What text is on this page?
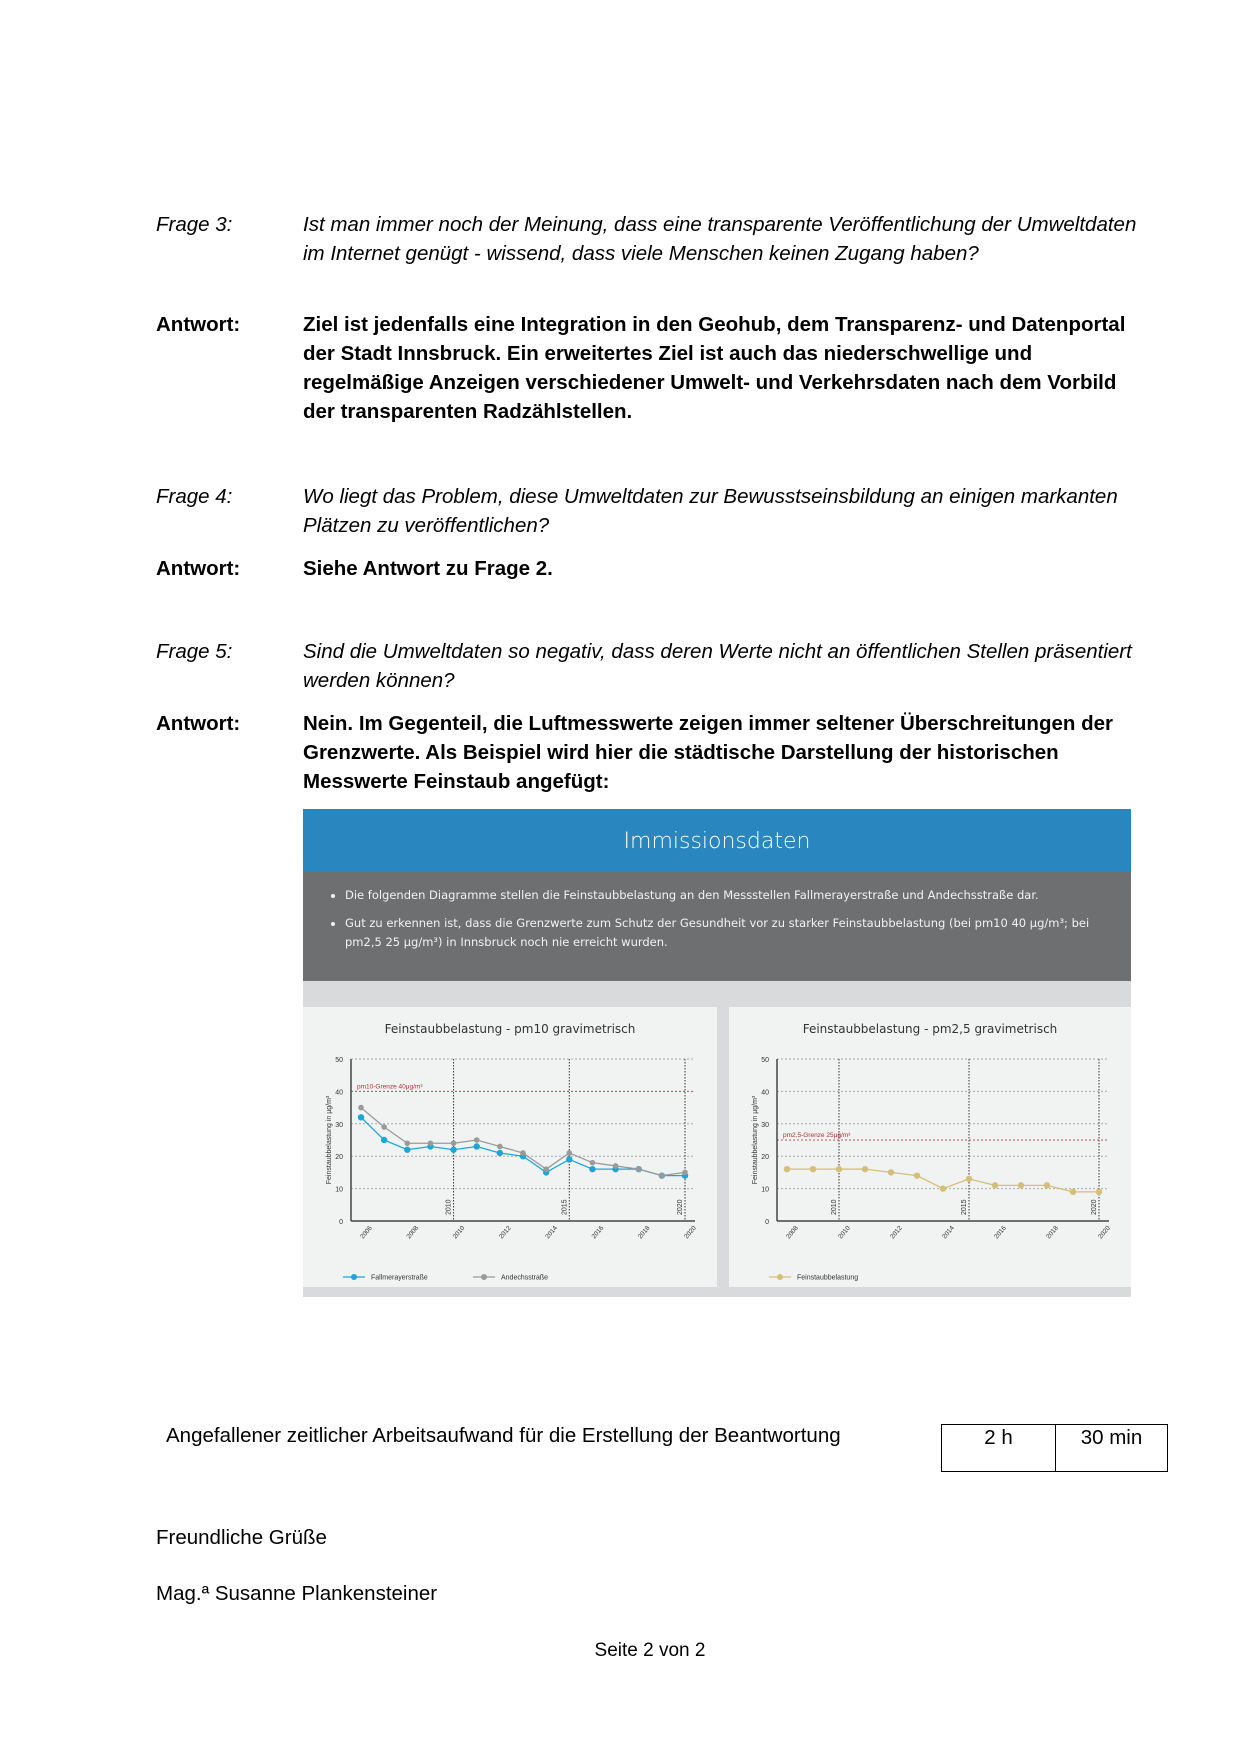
Frage 3:	Ist man immer noch der Meinung, dass eine transparente Veröffentlichung der Umweltdaten im Internet genügt - wissend, dass viele Menschen keinen Zugang haben?
Antwort:	Ziel ist jedenfalls eine Integration in den Geohub, dem Transparenz- und Datenportal der Stadt Innsbruck. Ein erweitertes Ziel ist auch das niederschwellige und regelmäßige Anzeigen verschiedener Umwelt- und Verkehrsdaten nach dem Vorbild der transparenten Radzählstellen.
Frage 4:	Wo liegt das Problem, diese Umweltdaten zur Bewusstseinsbildung an einigen markanten Plätzen zu veröffentlichen?
Antwort:	Siehe Antwort zu Frage 2.
Frage 5:	Sind die Umweltdaten so negativ, dass deren Werte nicht an öffentlichen Stellen präsentiert werden können?
Antwort:	Nein. Im Gegenteil, die Luftmesswerte zeigen immer seltener Überschreitungen der Grenzwerte. Als Beispiel wird hier die städtische Darstellung der historischen Messwerte Feinstaub angefügt:
Immissionsdaten
• Die folgenden Diagramme stellen die Feinstaubbelastung an den Messstellen Fallmerayerstraße und Andechsstraße dar.
• Gut zu erkennen ist, dass die Grenzwerte zum Schutz der Gesundheit vor zu starker Feinstaubbelastung (bei pm10 40 µg/m³; bei pm2,5 25 µg/m³) in Innsbruck noch nie erreicht wurden.
Feinstaubbelastung - pm10 gravimetrisch
0
10
20
30
40
50
Feinstaubbelastung in µg/m³
2010	2015	2020
pm10-Grenze 40µg/m³
2006	2008	2010	2012	2014	2016	2018	2020
Fallmerayerstraße	Andechsstraße
Feinstaubbelastung - pm2,5 gravimetrisch
0
10
20
30
40
50
Feinstaubbelastung in µg/m³
2010	2015	2020
pm2,5-Grenze 25µg/m³
2008	2010	2012	2014	2016	2018	2020
Feinstaubbelastung
Angefallener zeitlicher Arbeitsaufwand für die Erstellung der Beantwortung	2 h	30 min
Freundliche Grüße
Mag.ª Susanne Plankensteiner
Seite 2 von 2
